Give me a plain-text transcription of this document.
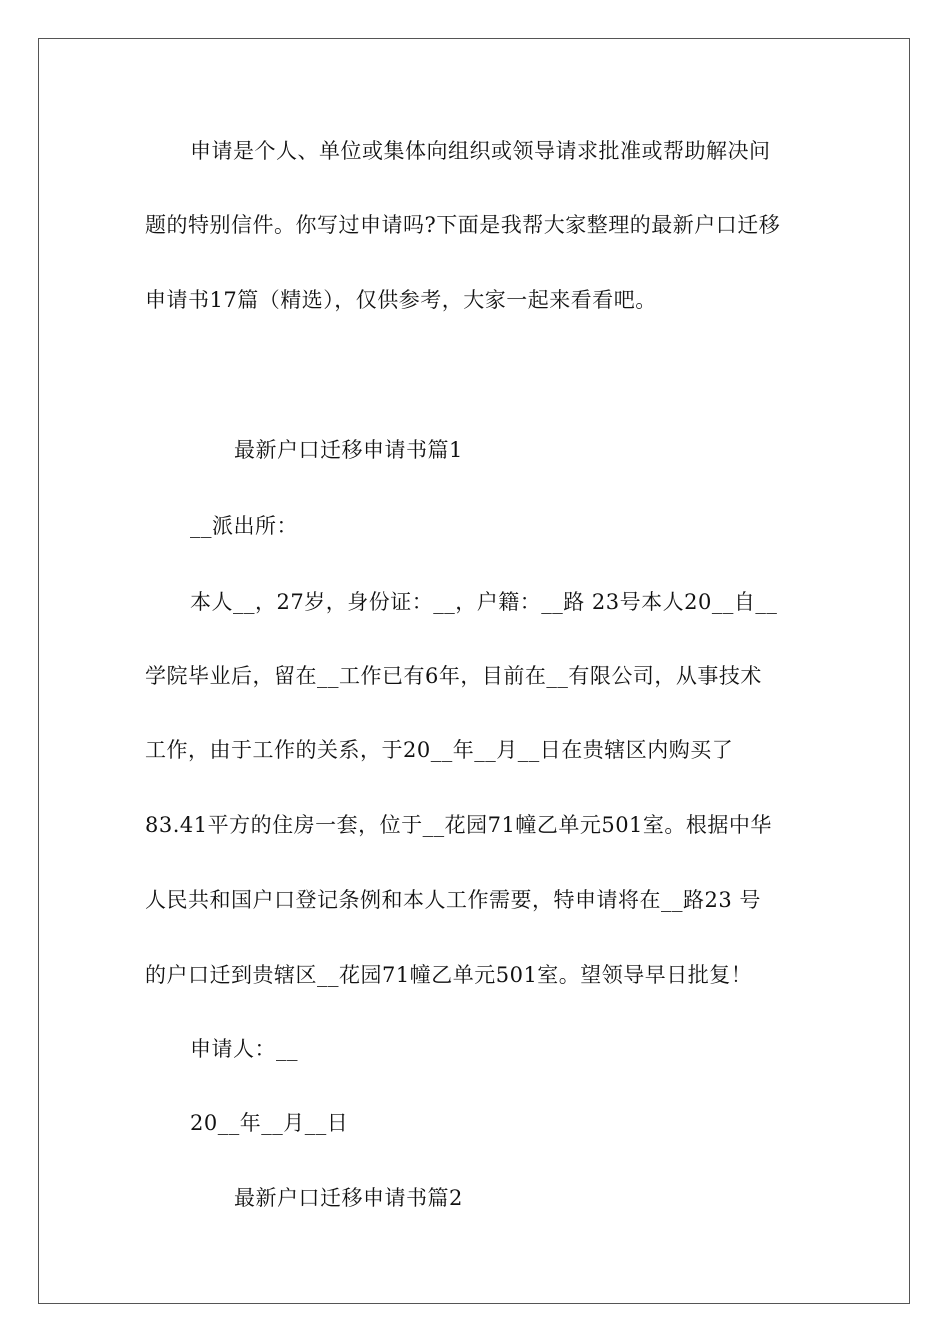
申请是个人、单位或集体向组织或领导请求批准或帮助解决问
题的特别信件。你写过申请吗?下面是我帮大家整理的最新户口迁移
申请书17篇（精选），仅供参考，大家一起来看看吧。
最新户口迁移申请书篇1
__派出所：
本人__，27岁，身份证：__，户籍：__路 23号本人20__自__
学院毕业后，留在__工作已有6年，目前在__有限公司，从事技术
工作，由于工作的关系，于20__年__月__日在贵辖区内购买了
83.41平方的住房一套，位于__花园71幢乙单元501室。根据中华
人民共和国户口登记条例和本人工作需要，特申请将在__路23 号
的户口迁到贵辖区__花园71幢乙单元501室。望领导早日批复！
申请人：__
20__年__月__日
最新户口迁移申请书篇2
